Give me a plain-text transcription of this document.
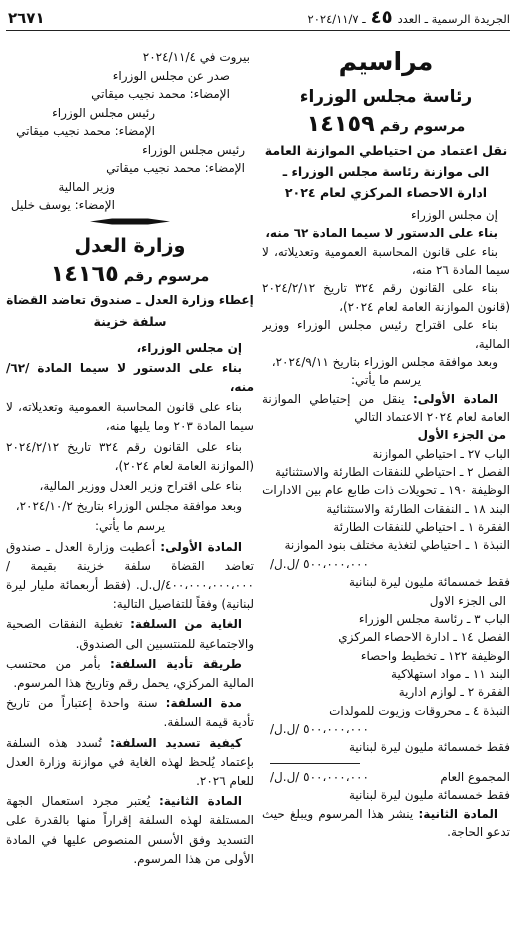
الجريدة الرسمية ـ العدد٤٥ـ ٢٠٢٤/١١/٧
٢٦٧١
مراسيم
رئاسة مجلس الوزراء
مرسوم رقم١٤١٥٩
نقل اعتماد من احتياطي الموازنة العامة
الى موازنة رئاسة مجلس الوزراء ـ
ادارة الاحصاء المركزي لعام ٢٠٢٤

إن مجلس الوزراء

بناء على الدستور لا سيما المادة ٦٢ منه،

بناء على قانون المحاسبة العمومية وتعديلاته، لا سيما المادة ٢٦ منه،

بناء على القانون رقم ٣٢٤ تاريخ ٢٠٢٤/٢/١٢ (قانون الموازنة العامة لعام ٢٠٢٤)،

بناء على اقتراح رئيس مجلس الوزراء ووزير المالية،

وبعد موافقة مجلس الوزراء بتاريخ ٢٠٢٤/٩/١١،

يرسم ما يأتي:

المادة الأولى: ينقل من إحتياطي الموازنة العامة لعام ٢٠٢٤ الاعتماد التالي

من الجزء الأول

الباب ٢٧ ـ احتياطي الموازنة

الفصل ٢ ـ احتياطي للنفقات الطارئة والاستثنائية

الوظيفة ١٩٠ ـ تحويلات ذات طابع عام بين الادارات

البند ١٨ ـ النفقات الطارئة والاستثنائية

الفقرة ١ ـ احتياطي للنفقات الطارئة

النبذة ١ ـ احتياطي لتغذية مختلف بنود الموازنة

٥٠٠،٠٠٠،٠٠٠ /ل.ل/

فقط خمسمائة مليون ليرة لبنانية

الى الجزء الاول

الباب ٣ ـ رئاسة مجلس الوزراء

الفصل ١٤ ـ ادارة الاحصاء المركزي

الوظيفة ١٢٢ ـ تخطيط واحصاء

البند ١١ ـ مواد استهلاكية

الفقرة ٢ ـ لوازم ادارية

النبذة ٤ ـ محروقات وزيوت للمولدات

٥٠٠،٠٠٠،٠٠٠ /ل.ل/

فقط خمسمائة مليون ليرة لبنانية

المجموع العام
٥٠٠،٠٠٠،٠٠٠ /ل.ل/

فقط خمسمائة مليون ليرة لبنانية

المادة الثانية: ينشر هذا المرسوم ويبلغ حيث تدعو الحاجة.

بيروت في ٢٠٢٤/١١/٤
صدر عن مجلس الوزراء
الإمضاء: محمد نجيب ميقاتي
رئيس مجلس الوزراء
الإمضاء: محمد نجيب ميقاتي
رئيس مجلس الوزراء
الإمضاء: محمد نجيب ميقاتي
وزير المالية
الإمضاء: يوسف خليل
وزارة العدل
مرسوم رقم١٤١٦٥
إعطاء وزارة العدل ـ صندوق تعاضد القضاة
سلفة خزينة

إن مجلس الوزراء،

بناء على الدستور لا سيما المادة /٦٢/ منه،

بناء على قانون المحاسبة العمومية وتعديلاته، لا سيما المادة ٢٠٣ وما يليها منه،

بناء على القانون رقم ٣٢٤ تاريخ ٢٠٢٤/٢/١٢ (الموازنة العامة لعام ٢٠٢٤)،

بناء على اقتراح وزير العدل ووزير المالية،

وبعد موافقة مجلس الوزراء بتاريخ ٢٠٢٤/١٠/٢،

يرسم ما يأتي:

المادة الأولى: أعطيت وزارة العدل ـ صندوق تعاضد القضاة سلفة خزينة بقيمة /٤٠٠،٠٠٠،٠٠٠،٠٠٠/ل.ل. (فقط أربعمائة مليار ليرة لبنانية) وفقاً للتفاصيل التالية:

الغاية من السلفة: تغطية النفقات الصحية والاجتماعية للمنتسبين الى الصندوق.

طريقة تأدية السلفة: بأمر من محتسب المالية المركزي، يحمل رقم وتاريخ هذا المرسوم.

مدة السلفة: سنة واحدة إعتباراً من تاريخ تأدية قيمة السلفة.

كيفية تسديد السلفة: تُسدد هذه السلفة بإعتماد يُلحظ لهذه الغاية في موازنة وزارة العدل للعام ٢٠٢٦.

المادة الثانية: يُعتبر مجرد استعمال الجهة المستلفة لهذه السلفة إقراراً منها بالقدرة على التسديد وفق الأسس المنصوص عليها في المادة الأولى من هذا المرسوم.
